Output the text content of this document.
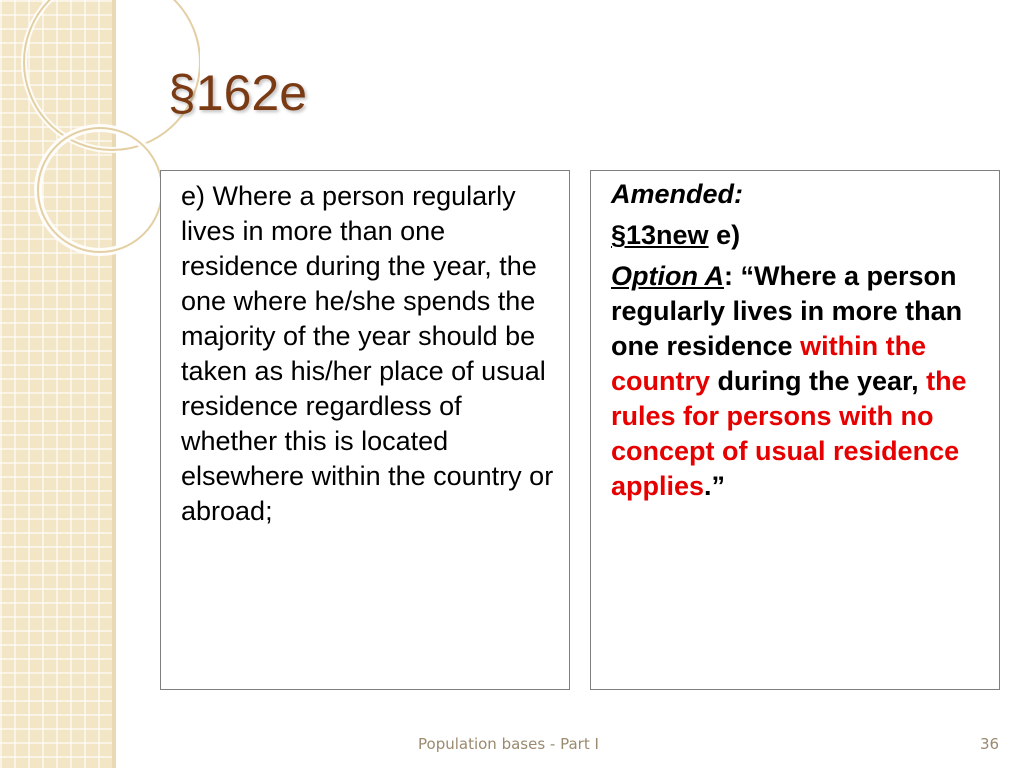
§162e

e) Where a person regularly lives in more than one residence during the year, the one where he/she spends the majority of the year should be taken as his/her place of usual residence regardless of whether this is located elsewhere within the country or abroad;

Amended:

§13new e)

Option A: “Where a person regularly lives in more than one residence within the country during the year, the rules for persons with no concept of usual residence applies.”

Population bases - Part I	36
